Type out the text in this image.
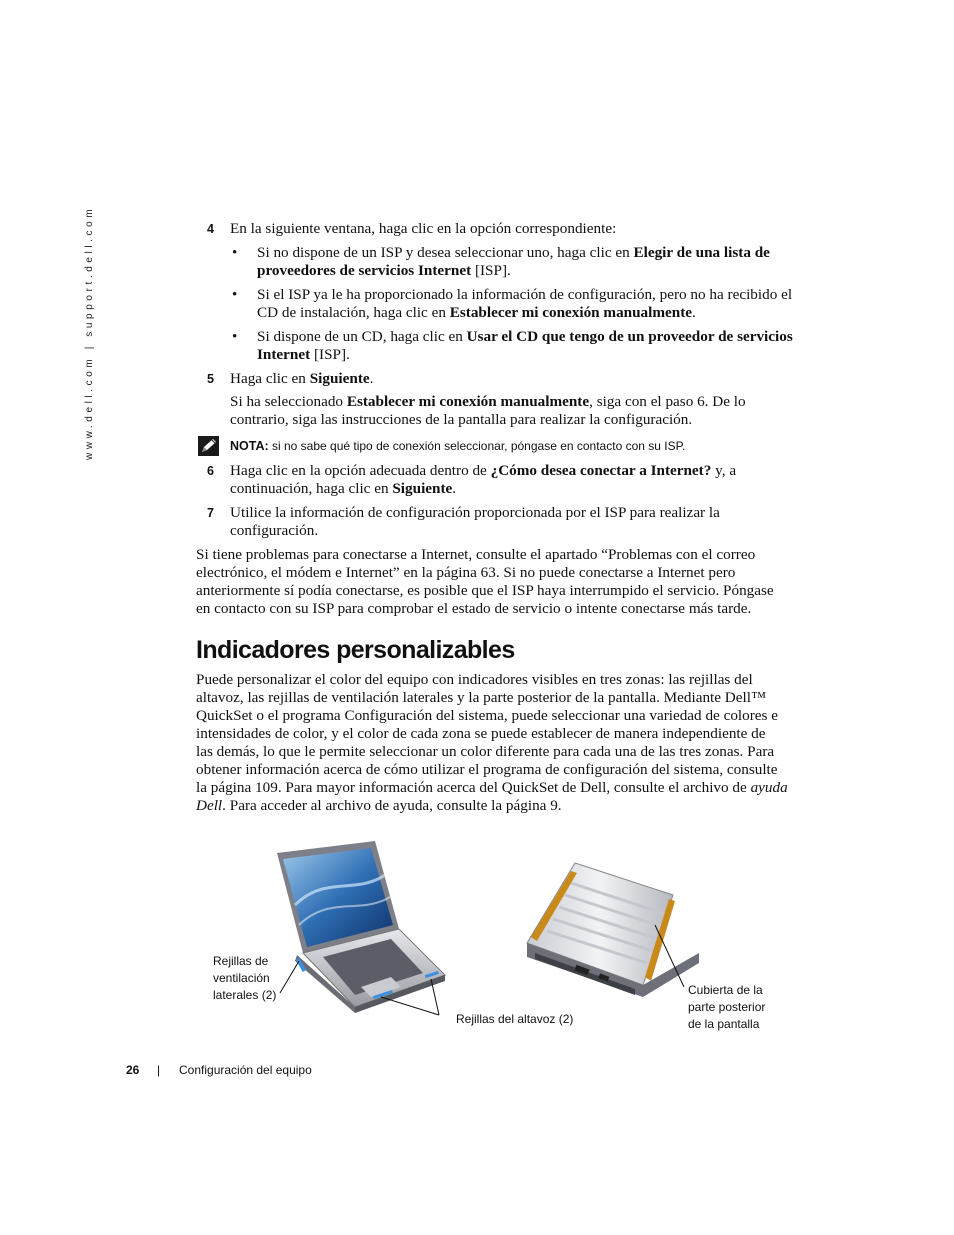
www.dell.com | support.dell.com	4 En la siguiente ventana, haga clic en la opción correspondiente:

• Si no dispone de un ISP y desea seleccionar uno, haga clic en Elegir de una lista de
proveedores de servicios Internet [ISP].

• Si el ISP ya le ha proporcionado la información de configuración, pero no ha recibido el
CD de instalación, haga clic en Establecer mi conexión manualmente.

• Si dispone de un CD, haga clic en Usar el CD que tengo de un proveedor de servicios
Internet [ISP].

5 Haga clic en Siguiente.

Si ha seleccionado Establecer mi conexión manualmente, siga con el paso 6. De lo
contrario, siga las instrucciones de la pantalla para realizar la configuración.

NOTA: si no sabe qué tipo de conexión seleccionar, póngase en contacto con su ISP.
6 Haga clic en la opción adecuada dentro de ¿Cómo desea conectar a Internet? y, a
continuación, haga clic en Siguiente.

7 Utilice la información de configuración proporcionada por el ISP para realizar la
configuración.

Si tiene problemas para conectarse a Internet, consulte el apartado “Problemas con el correo
electrónico, el módem e Internet” en la página 63. Si no puede conectarse a Internet pero
anteriormente sí podía conectarse, es posible que el ISP haya interrumpido el servicio. Póngase
en contacto con su ISP para comprobar el estado de servicio o intente conectarse más tarde.

Indicadores personalizables

Puede personalizar el color del equipo con indicadores visibles en tres zonas: las rejillas del
altavoz, las rejillas de ventilación laterales y la parte posterior de la pantalla. Mediante Dell™
QuickSet o el programa Configuración del sistema, puede seleccionar una variedad de colores e
intensidades de color, y el color de cada zona se puede establecer de manera independiente de
las demás, lo que le permite seleccionar un color diferente para cada una de las tres zonas. Para
obtener información acerca de cómo utilizar el programa de configuración del sistema, consulte
la página 109. Para mayor información acerca del QuickSet de Dell, consulte el archivo de ayuda
Dell. Para acceder al archivo de ayuda, consulte la página 9.

Rejillas de
ventilación
laterales (2)
Rejillas del altavoz (2)
Cubierta de la
parte posterior
de la pantalla
26 | Configuración del equipo
